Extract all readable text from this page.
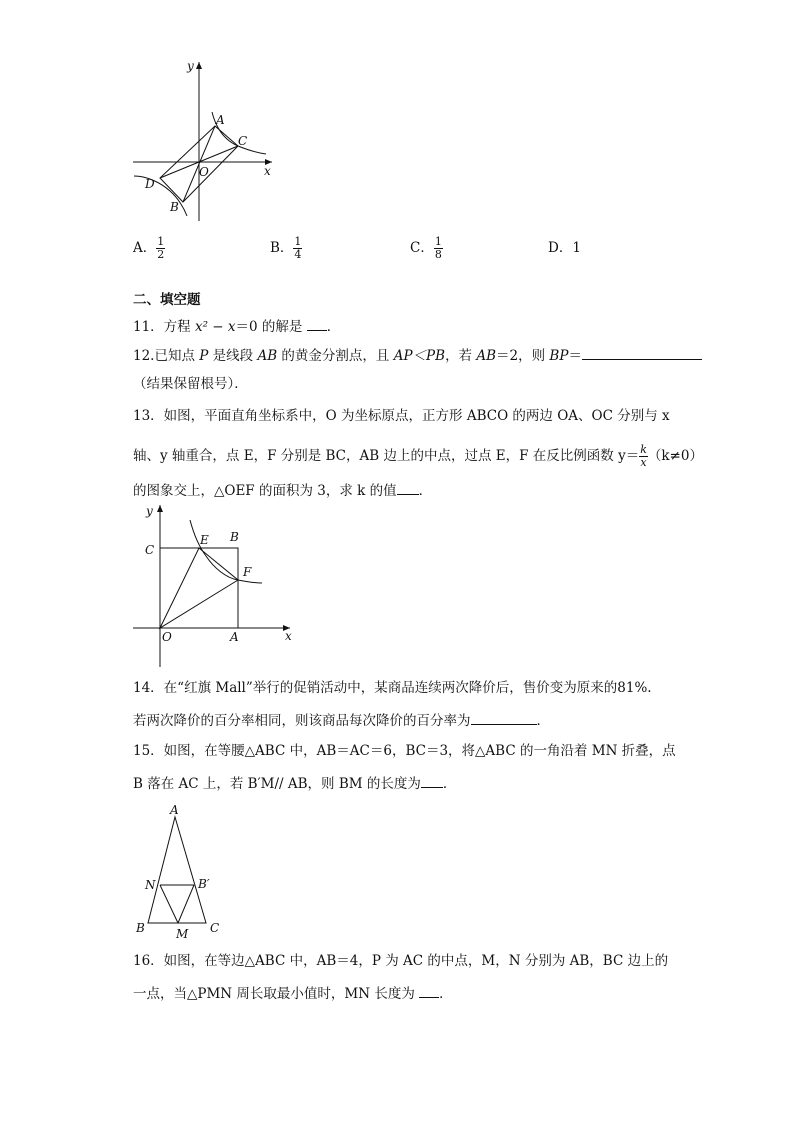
y
x
A
C
O
D
B
A． $\frac{1}{2}$	B． $\frac{1}{4}$	C． $\frac{1}{8}$	D．1
二、填空题
11．方程 x² − x＝0 的解是 ．
12.已知点 P 是线段 AB 的黄金分割点，且 AP＜PB，若 AB＝2，则 BP＝
（结果保留根号）．
13．如图，平面直角坐标系中，O 为坐标原点，正方形 ABCO 的两边 OA、OC 分别与 x
轴、y 轴重合，点 E，F 分别是 BC，AB 边上的中点，过点 E，F 在反比例函数 $y= \frac{k}{x} (k\ne 0)$
的图象交上，△OEF 的面积为 3，求 k 的值 ．
y
x
C
E B
F
O	A
14．在“红旗 Mall”举行的促销活动中，某商品连续两次降价后，售价变为原来的81%.
若两次降价的百分率相同，则该商品每次降价的百分率为	．
15．如图，在等腰△ABC 中，AB＝AC＝6，BC＝3，将△ABC 的一角沿着 MN 折叠，点
B 落在 AC 上，若 B′M// AB，则 BM 的长度为 ．
A
N	B′
B	M C
16．如图，在等边△ABC 中，AB＝4，P 为 AC 的中点，M，N 分别为 AB，BC 边上的
一点，当△PMN 周长取最小值时，MN 长度为 ．
